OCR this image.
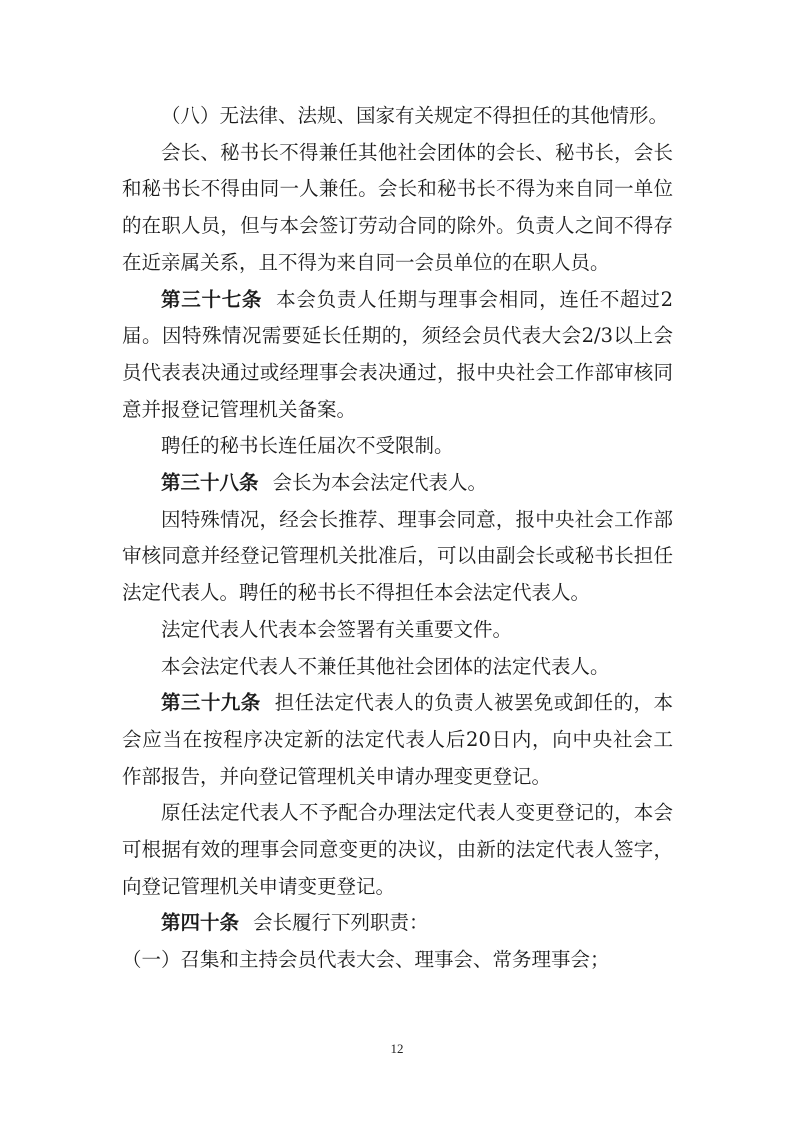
（八）无法律、法规、国家有关规定不得担任的其他情形。

会长、秘书长不得兼任其他社会团体的会长、秘书长，会长和秘书长不得由同一人兼任。会长和秘书长不得为来自同一单位的在职人员，但与本会签订劳动合同的除外。负责人之间不得存在近亲属关系，且不得为来自同一会员单位的在职人员。

第三十七条 本会负责人任期与理事会相同，连任不超过2届。因特殊情况需要延长任期的，须经会员代表大会2/3以上会员代表表决通过或经理事会表决通过，报中央社会工作部审核同意并报登记管理机关备案。

聘任的秘书长连任届次不受限制。

第三十八条 会长为本会法定代表人。

因特殊情况，经会长推荐、理事会同意，报中央社会工作部审核同意并经登记管理机关批准后，可以由副会长或秘书长担任法定代表人。聘任的秘书长不得担任本会法定代表人。

法定代表人代表本会签署有关重要文件。

本会法定代表人不兼任其他社会团体的法定代表人。

第三十九条 担任法定代表人的负责人被罢免或卸任的，本会应当在按程序决定新的法定代表人后20日内，向中央社会工作部报告，并向登记管理机关申请办理变更登记。

原任法定代表人不予配合办理法定代表人变更登记的，本会可根据有效的理事会同意变更的决议，由新的法定代表人签字，向登记管理机关申请变更登记。

第四十条 会长履行下列职责：

（一）召集和主持会员代表大会、理事会、常务理事会；

12
